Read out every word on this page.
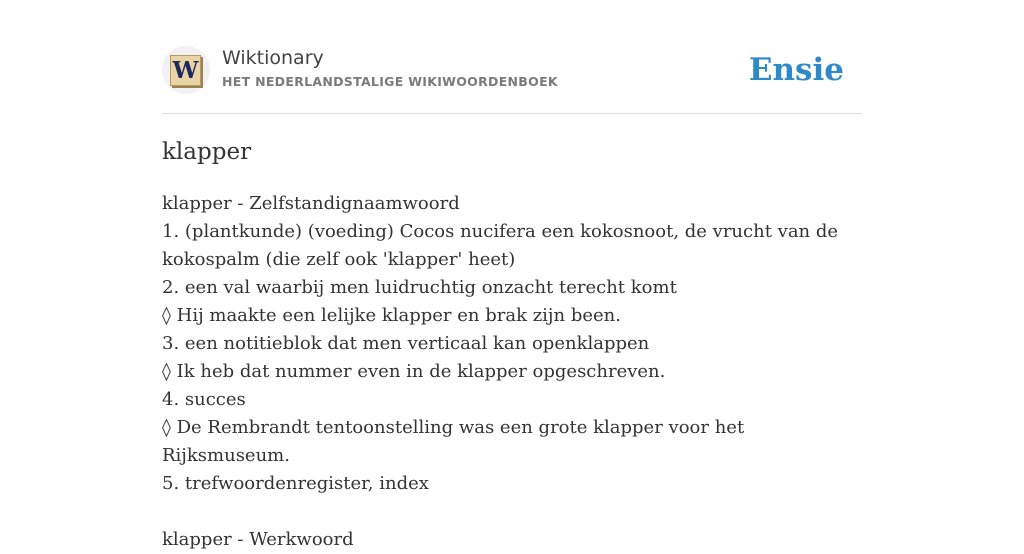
W Wiktionary
HET NEDERLANDSTALIGE WIKIWOORDENBOEK	Ensie
klapper
klapper - Zelfstandignaamwoord
1. (plantkunde) (voeding) Cocos nucifera een kokosnoot, de vrucht van de kokospalm (die zelf ook 'klapper' heet)
2. een val waarbij men luidruchtig onzacht terecht komt
◊ Hij maakte een lelijke klapper en brak zijn been.
3. een notitieblok dat men verticaal kan openklappen
◊ Ik heb dat nummer even in de klapper opgeschreven.
4. succes
◊ De Rembrandt tentoonstelling was een grote klapper voor het Rijksmuseum.
5. trefwoordenregister, index
klapper - Werkwoord
